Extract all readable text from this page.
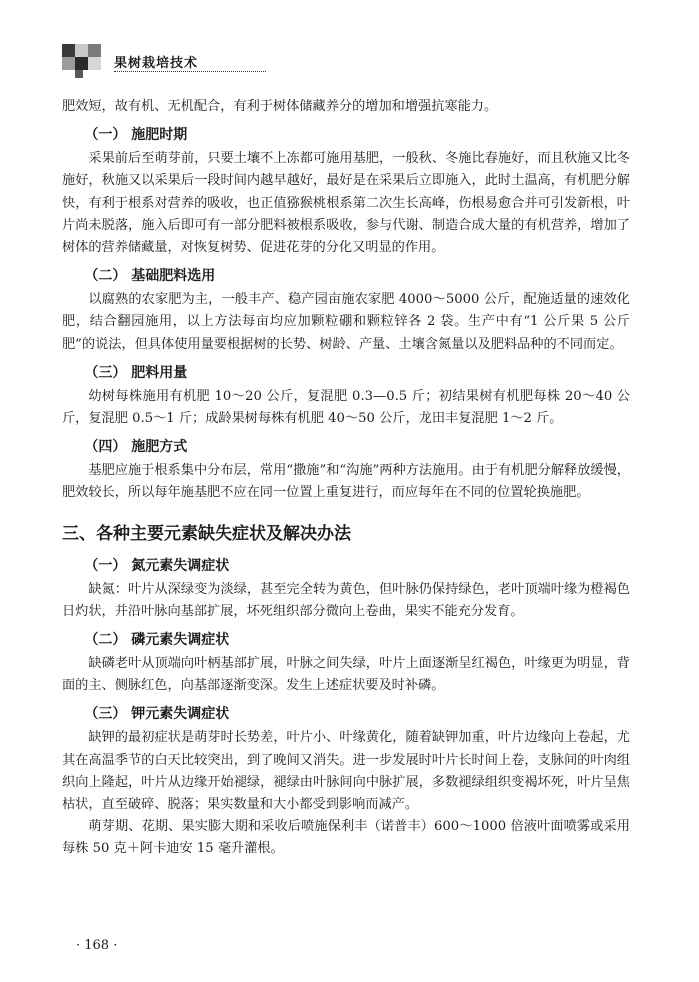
果树栽培技术

肥效短，故有机、无机配合，有利于树体储藏养分的增加和增强抗寒能力。

（一） 施肥时期

采果前后至萌芽前，只要土壤不上冻都可施用基肥，一般秋、冬施比春施好，而且秋施又比冬施好，秋施又以采果后一段时间内越早越好，最好是在采果后立即施入，此时土温高，有机肥分解快，有利于根系对营养的吸收，也正值猕猴桃根系第二次生长高峰，伤根易愈合并可引发新根，叶片尚未脱落，施入后即可有一部分肥料被根系吸收，参与代谢、制造合成大量的有机营养，增加了树体的营养储藏量，对恢复树势、促进花芽的分化又明显的作用。

（二） 基础肥料选用

以腐熟的农家肥为主，一般丰产、稳产园亩施农家肥 4000～5000 公斤，配施适量的速效化肥，结合翻园施用，以上方法每亩均应加颗粒硼和颗粒锌各 2 袋。生产中有“1 公斤果 5 公斤肥”的说法，但具体使用量要根据树的长势、树龄、产量、土壤含氮量以及肥料品种的不同而定。

（三） 肥料用量

幼树每株施用有机肥 10～20 公斤，复混肥 0.3—0.5 斤；初结果树有机肥每株 20～40 公斤，复混肥 0.5～1 斤；成龄果树每株有机肥 40～50 公斤，龙田丰复混肥 1～2 斤。

（四） 施肥方式

基肥应施于根系集中分布层，常用“撒施”和“沟施”两种方法施用。由于有机肥分解释放缓慢，肥效较长，所以每年施基肥不应在同一位置上重复进行，而应每年在不同的位置轮换施肥。

三、各种主要元素缺失症状及解决办法
（一） 氮元素失调症状

缺氮：叶片从深绿变为淡绿，甚至完全转为黄色，但叶脉仍保持绿色，老叶顶端叶缘为橙褐色日灼状，并沿叶脉向基部扩展，坏死组织部分微向上卷曲，果实不能充分发育。

（二） 磷元素失调症状

缺磷老叶从顶端向叶柄基部扩展，叶脉之间失绿，叶片上面逐渐呈红褐色，叶缘更为明显，背面的主、侧脉红色，向基部逐渐变深。发生上述症状要及时补磷。

（三） 钾元素失调症状

缺钾的最初症状是萌芽时长势差，叶片小、叶缘黄化，随着缺钾加重，叶片边缘向上卷起，尤其在高温季节的白天比较突出，到了晚间又消失。进一步发展时叶片长时间上卷，支脉间的叶肉组织向上隆起，叶片从边缘开始褪绿，褪绿由叶脉间向中脉扩展，多数褪绿组织变褐坏死，叶片呈焦枯状，直至破碎、脱落；果实数量和大小都受到影响而减产。

萌芽期、花期、果实膨大期和采收后喷施保利丰（诺普丰）600～1000 倍液叶面喷雾或采用每株 50 克＋阿卡迪安 15 毫升灌根。

· 168 ·
